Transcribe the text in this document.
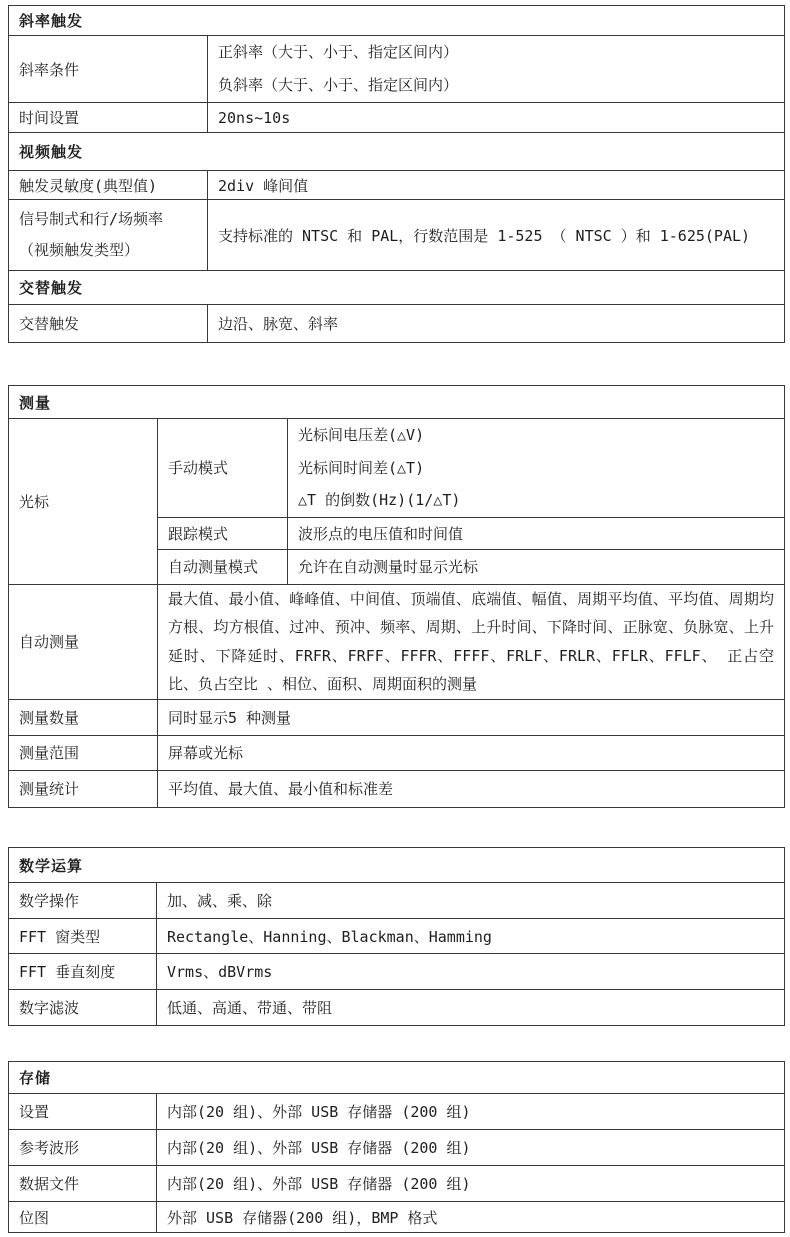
斜率触发	
斜率条件	正斜率（大于、小于、指定区间内）
负斜率（大于、小于、指定区间内）

时间设置	20ns~10s
视频触发	
触发灵敏度(典型值)	2div 峰间值

信号制式和行/场频率
（视频触发类型）	支持标准的 NTSC 和 PAL，行数范围是 1-525 （ NTSC ）和 1-625(PAL)
交替触发	
交替触发	边沿、脉宽、斜率
测量		
光标	手动模式	光标间电压差(△V)
光标间时间差(△T)
△T 的倒数(Hz)(1/△T)

	跟踪模式	波形点的电压值和时间值
	自动测量模式	允许在自动测量时显示光标
自动测量	最大值、最小值、峰峰值、中间值、顶端值、底端值、幅值、周期平均值、平均值、周期均方根、均方根值、过冲、预冲、频率、周期、上升时间、下降时间、正脉宽、负脉宽、上升延时、下降延时、FRFR、FRFF、FFFR、FFFF、FRLF、FRLR、FFLR、FFLF、 正占空比、负占空比 、相位、面积、周期面积的测量	
测量数量	同时显示5 种测量	
测量范围	屏幕或光标	
测量统计	平均值、最大值、最小值和标准差	
数学运算	
数学操作	加、减、乘、除
FFT 窗类型	Rectangle、Hanning、Blackman、Hamming
FFT 垂直刻度	Vrms、dBVrms
数字滤波	低通、高通、带通、带阻
存储	
设置	内部(20 组)、外部 USB 存储器 (200 组)
参考波形	内部(20 组)、外部 USB 存储器 (200 组)
数据文件	内部(20 组)、外部 USB 存储器 (200 组)
位图	外部 USB 存储器(200 组)，BMP 格式
